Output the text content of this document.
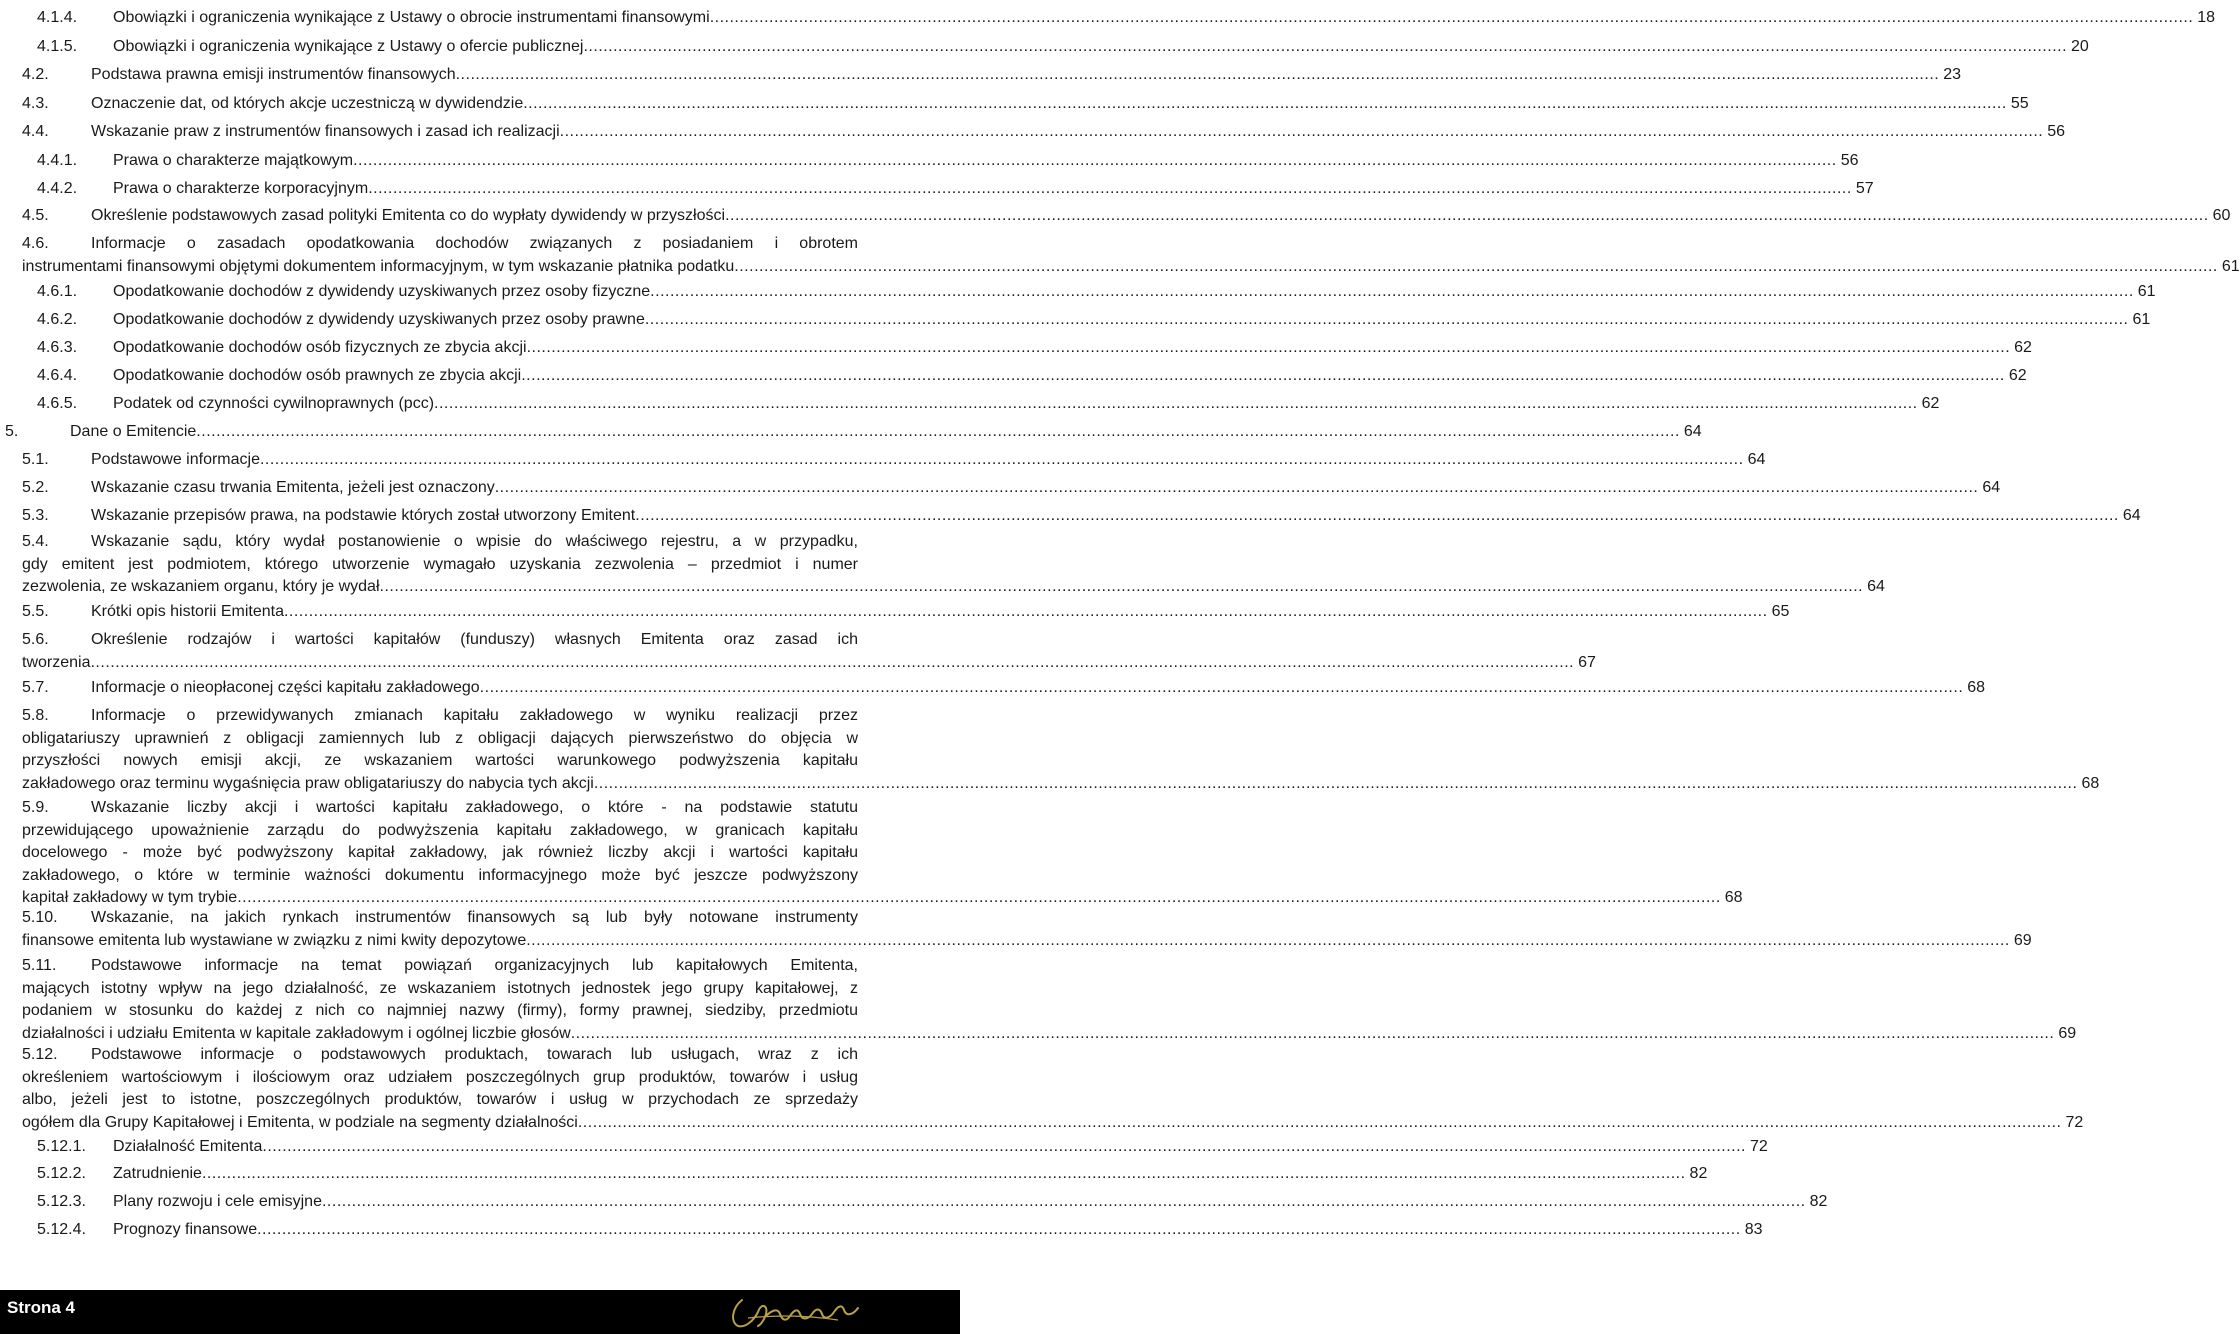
4.1.4. Obowiązki i ograniczenia wynikające z Ustawy o obrocie instrumentami finansowymi ............................................................................................................................................................................................................................................................................................................ 18
4.1.5. Obowiązki i ograniczenia wynikające z Ustawy o ofercie publicznej ............................................................................................................................................................................................................................................................................................................ 20
4.2.	Podstawa prawna emisji instrumentów finansowych ............................................................................................................................................................................................................................................................................................................ 23
4.3.	Oznaczenie dat, od których akcje uczestniczą w dywidendzie ............................................................................................................................................................................................................................................................................................................ 55
4.4.	Wskazanie praw z instrumentów finansowych i zasad ich realizacji ............................................................................................................................................................................................................................................................................................................ 56
4.4.1. Prawa o charakterze majątkowym ............................................................................................................................................................................................................................................................................................................ 56
4.4.2. Prawa o charakterze korporacyjnym ............................................................................................................................................................................................................................................................................................................ 57
4.5.	Określenie podstawowych zasad polityki Emitenta co do wypłaty dywidendy w przyszłości ............................................................................................................................................................................................................................................................................................................ 60
4.6.	Informacje o zasadach opodatkowania dochodów związanych z posiadaniem i obrotem
instrumentami finansowymi objętymi dokumentem informacyjnym, w tym wskazanie płatnika podatku ............................................................................................................................................................................................................................................................................................................ 61
4.6.1. Opodatkowanie dochodów z dywidendy uzyskiwanych przez osoby fizyczne ............................................................................................................................................................................................................................................................................................................ 61
4.6.2. Opodatkowanie dochodów z dywidendy uzyskiwanych przez osoby prawne ............................................................................................................................................................................................................................................................................................................ 61
4.6.3. Opodatkowanie dochodów osób fizycznych ze zbycia akcji ............................................................................................................................................................................................................................................................................................................ 62
4.6.4. Opodatkowanie dochodów osób prawnych ze zbycia akcji ............................................................................................................................................................................................................................................................................................................ 62
4.6.5. Podatek od czynności cywilnoprawnych (pcc) ............................................................................................................................................................................................................................................................................................................ 62
5.	Dane o Emitencie ............................................................................................................................................................................................................................................................................................................ 64
5.1.	Podstawowe informacje ............................................................................................................................................................................................................................................................................................................ 64
5.2.	Wskazanie czasu trwania Emitenta, jeżeli jest oznaczony ............................................................................................................................................................................................................................................................................................................ 64
5.3.	Wskazanie przepisów prawa, na podstawie których został utworzony Emitent ............................................................................................................................................................................................................................................................................................................ 64
5.4.	Wskazanie sądu, który wydał postanowienie o wpisie do właściwego rejestru, a w przypadku,
gdy emitent jest podmiotem, którego utworzenie wymagało uzyskania zezwolenia – przedmiot i numer
zezwolenia, ze wskazaniem organu, który je wydał ............................................................................................................................................................................................................................................................................................................ 64
5.5.	Krótki opis historii Emitenta ............................................................................................................................................................................................................................................................................................................ 65
5.6.	Określenie rodzajów i wartości kapitałów (funduszy) własnych Emitenta oraz zasad ich
tworzenia ............................................................................................................................................................................................................................................................................................................ 67
5.7.	Informacje o nieopłaconej części kapitału zakładowego ............................................................................................................................................................................................................................................................................................................ 68
5.8.	Informacje o przewidywanych zmianach kapitału zakładowego w wyniku realizacji przez
obligatariuszy uprawnień z obligacji zamiennych lub z obligacji dających pierwszeństwo do objęcia w
przyszłości nowych emisji akcji, ze wskazaniem wartości warunkowego podwyższenia kapitału
zakładowego oraz terminu wygaśnięcia praw obligatariuszy do nabycia tych akcji ............................................................................................................................................................................................................................................................................................................ 68
5.9.	Wskazanie liczby akcji i wartości kapitału zakładowego, o które - na podstawie statutu
przewidującego upoważnienie zarządu do podwyższenia kapitału zakładowego, w granicach kapitału
docelowego - może być podwyższony kapitał zakładowy, jak również liczby akcji i wartości kapitału
zakładowego, o które w terminie ważności dokumentu informacyjnego może być jeszcze podwyższony
kapitał zakładowy w tym trybie ............................................................................................................................................................................................................................................................................................................ 68
5.10. Wskazanie, na jakich rynkach instrumentów finansowych są lub były notowane instrumenty
finansowe emitenta lub wystawiane w związku z nimi kwity depozytowe ............................................................................................................................................................................................................................................................................................................ 69
5.11. Podstawowe informacje na temat powiązań organizacyjnych lub kapitałowych Emitenta,
mających istotny wpływ na jego działalność, ze wskazaniem istotnych jednostek jego grupy kapitałowej, z
podaniem w stosunku do każdej z nich co najmniej nazwy (firmy), formy prawnej, siedziby, przedmiotu
działalności i udziału Emitenta w kapitale zakładowym i ogólnej liczbie głosów ............................................................................................................................................................................................................................................................................................................ 69
5.12. Podstawowe informacje o podstawowych produktach, towarach lub usługach, wraz z ich
określeniem wartościowym i ilościowym oraz udziałem poszczególnych grup produktów, towarów i usług
albo, jeżeli jest to istotne, poszczególnych produktów, towarów i usług w przychodach ze sprzedaży
ogółem dla Grupy Kapitałowej i Emitenta, w podziale na segmenty działalności ............................................................................................................................................................................................................................................................................................................ 72
5.12.1. Działalność Emitenta ............................................................................................................................................................................................................................................................................................................ 72
5.12.2. Zatrudnienie ............................................................................................................................................................................................................................................................................................................ 82
5.12.3. Plany rozwoju i cele emisyjne ............................................................................................................................................................................................................................................................................................................ 82
5.12.4. Prognozy finansowe ............................................................................................................................................................................................................................................................................................................ 83
Strona 4
